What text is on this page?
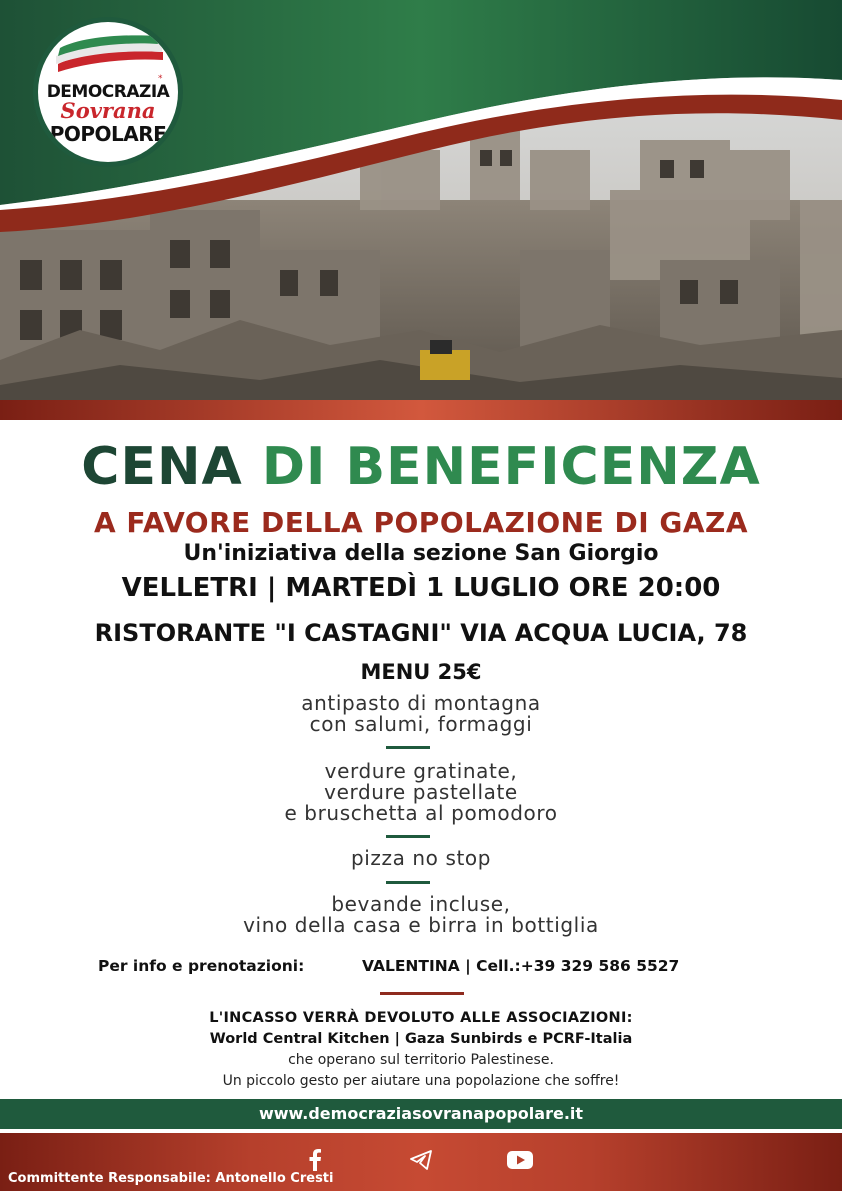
DEMOCRAZIA
*
Sovrana
POPOLARE
CENA DI BENEFICENZA
A FAVORE DELLA POPOLAZIONE DI GAZA
Un'iniziativa della sezione San Giorgio
VELLETRI | MARTEDÌ 1 LUGLIO ORE 20:00
RISTORANTE "I CASTAGNI" VIA ACQUA LUCIA, 78
MENU 25€
antipasto di montagna
con salumi, formaggi
verdure gratinate,
verdure pastellate
e bruschetta al pomodoro
pizza no stop
bevande incluse,
vino della casa e birra in bottiglia
Per info e prenotazioni:	VALENTINA | Cell.:+39 329 586 5527
L'INCASSO VERRÀ DEVOLUTO ALLE ASSOCIAZIONI:
World Central Kitchen | Gaza Sunbirds e PCRF-Italia
che operano sul territorio Palestinese.
Un piccolo gesto per aiutare una popolazione che soffre!
www.democraziasovranapopolare.it
Committente Responsabile: Antonello Cresti
